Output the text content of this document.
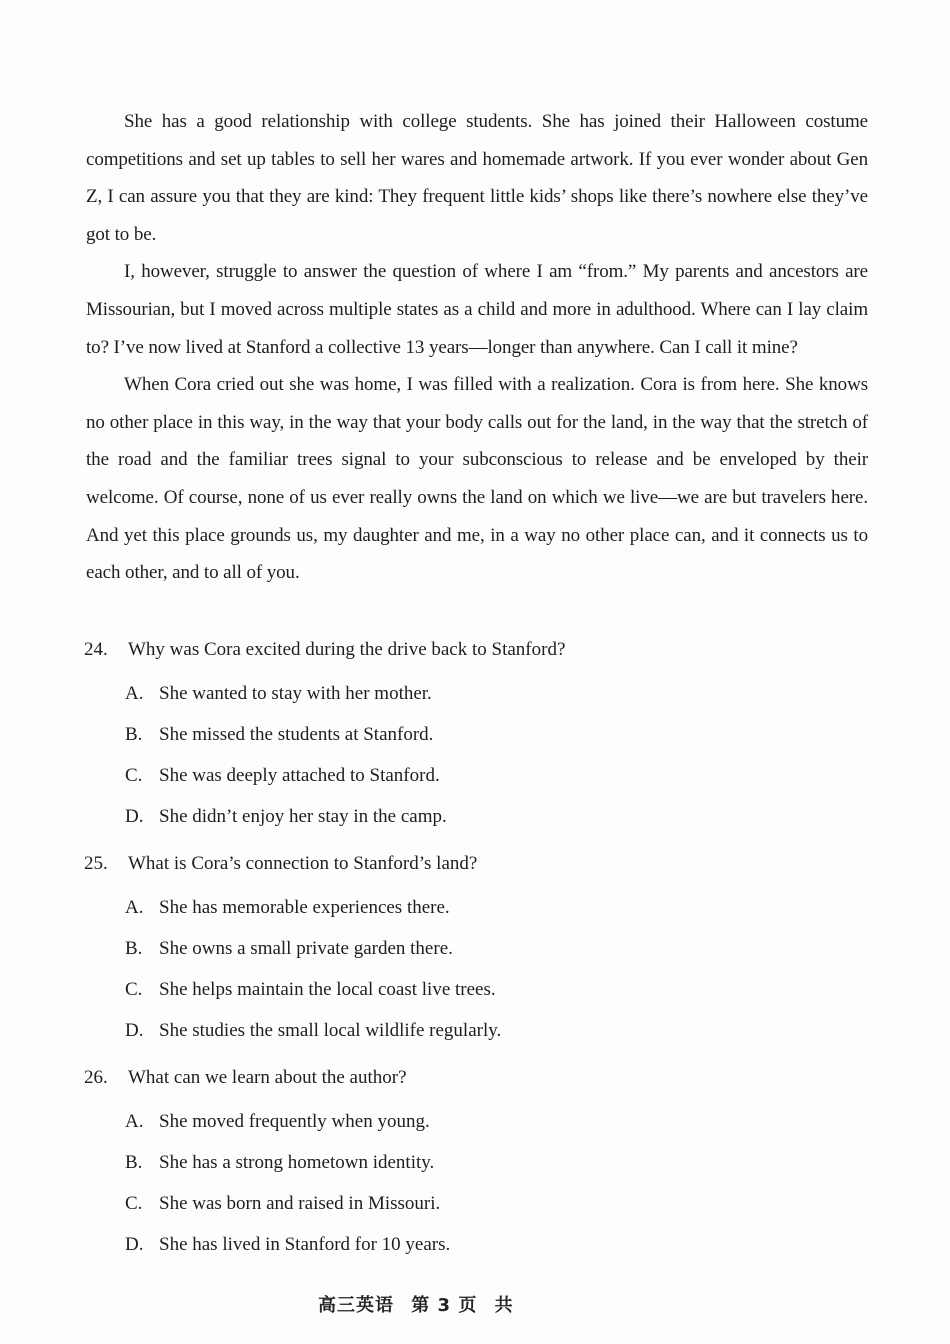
She has a good relationship with college students. She has joined their Halloween costume competitions and set up tables to sell her wares and homemade artwork. If you ever wonder about Gen Z, I can assure you that they are kind: They frequent little kids’ shops like there’s nowhere else they’ve got to be.

I, however, struggle to answer the question of where I am “from.” My parents and ancestors are Missourian, but I moved across multiple states as a child and more in adulthood. Where can I lay claim to? I’ve now lived at Stanford a collective 13 years—longer than anywhere. Can I call it mine?

When Cora cried out she was home, I was filled with a realization. Cora is from here. She knows no other place in this way, in the way that your body calls out for the land, in the way that the stretch of the road and the familiar trees signal to your subconscious to release and be enveloped by their welcome. Of course, none of us ever really owns the land on which we live—we are but travelers here. And yet this place grounds us, my daughter and me, in a way no other place can, and it connects us to each other, and to all of you.

24.	Why was Cora excited during the drive back to Stanford?
A. She wanted to stay with her mother.
B. She missed the students at Stanford.
C. She was deeply attached to Stanford.
D. She didn’t enjoy her stay in the camp.
25.	What is Cora’s connection to Stanford’s land?
A. She has memorable experiences there.
B. She owns a small private garden there.
C. She helps maintain the local coast live trees.
D. She studies the small local wildlife regularly.
26.	What can we learn about the author?
A. She moved frequently when young.
B. She has a strong hometown identity.
C. She was born and raised in Missouri.
D. She has lived in Stanford for 10 years.
高三英语 第 3 页 共
